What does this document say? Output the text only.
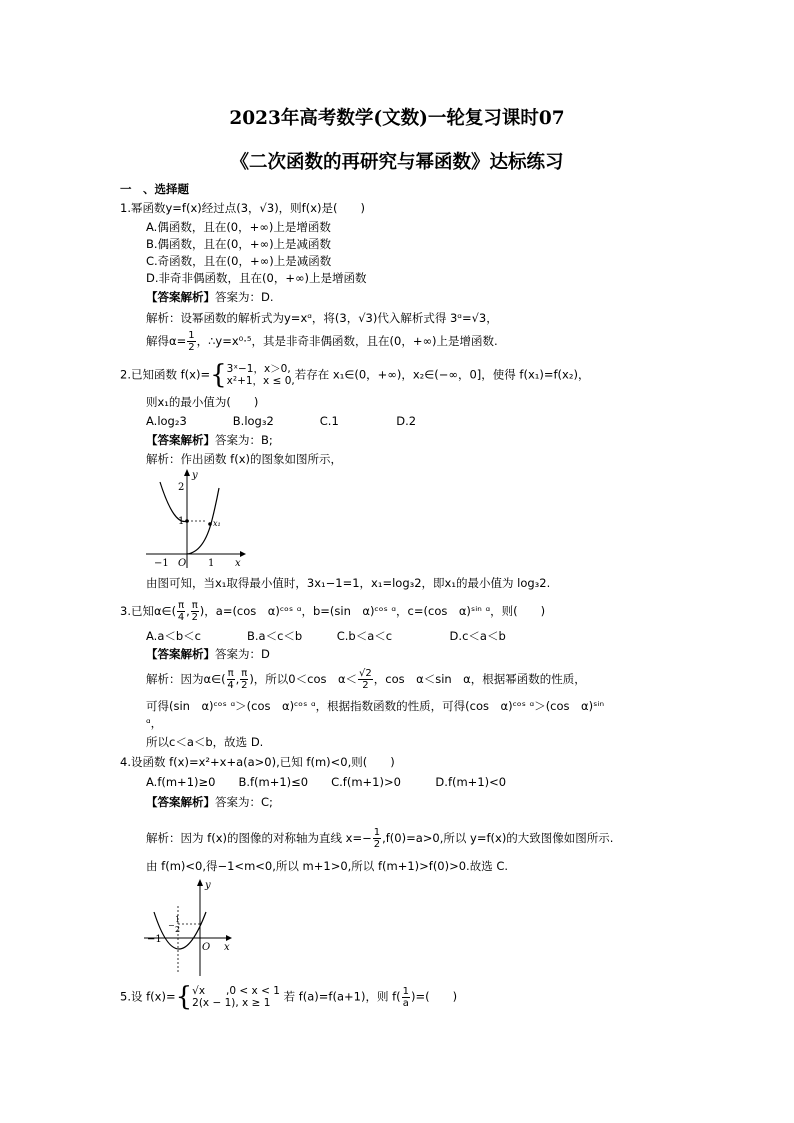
2023年高考数学(文数)一轮复习课时07
《二次函数的再研究与幂函数》达标练习
一　、选择题
1.幂函数y=f(x)经过点(3，√3)，则f(x)是(　　)
A.偶函数，且在(0，+∞)上是增函数
B.偶函数，且在(0，+∞)上是减函数
C.奇函数，且在(0，+∞)上是减函数
D.非奇非偶函数，且在(0，+∞)上是增函数
【答案解析】答案为：D.
解析：设幂函数的解析式为y=xᵅ，将(3，√3)代入解析式得 3ᵅ=√3，
解得$\alpha= \frac{1}{2}$ ，∴y=x⁰·⁵，其是非奇非偶函数，且在(0，+∞)上是增函数.
2.已知函数 f(x)={ 3ˣ−1，x＞0,
x²+1，x ≤ 0, 若存在 x₁∈(0，+∞)，x₂∈(−∞，0]，使得 f(x₁)=f(x₂)，
则x₁的最小值为(　　)
A.log₂3　　　　B.log₃2　　　　C.1　　　　　D.2
【答案解析】答案为：B;
解析：作出函数 f(x)的图象如图所示，
y
x
O
−1	1
1
2
x₁
由图可知，当x₁取得最小值时，3x₁−1=1，x₁=log₃2，即x₁的最小值为 log₃2.
3.已知α∈( $\frac{\pi}{4}$ , $\frac{\pi}{2}$ )，a=(cos　α)ᶜᵒˢ ᵅ，b=(sin　α)ᶜᵒˢ ᵅ，c=(cos　α)ˢⁱⁿ ᵅ，则(　　)
A.a＜b＜c　　　　B.a＜c＜b　　　C.b＜a＜c　　　　　D.c＜a＜b
【答案解析】答案为：D
解析：因为α∈( $\frac{\pi}{4}$ , $\frac{\pi}{2}$ )，所以0＜cos　$\alpha< \frac{√2}{2}$ ，cos　α＜sin　α，根据幂函数的性质，
可得(sin　α)ᶜᵒˢ ᵅ＞(cos　α)ᶜᵒˢ ᵅ，根据指数函数的性质，可得(cos　α)ᶜᵒˢ ᵅ＞(cos　α)ˢⁱⁿ
ᵅ，
所以c＜a＜b，故选 D.
4.设函数 f(x)=x²+x+a(a>0),已知 f(m)<0,则(　　)
A.f(m+1)≥0　　B.f(m+1)≤0　　C.f(m+1)>0　　　D.f(m+1)<0
【答案解析】答案为：C;
解析：因为 f(x)的图像的对称轴为直线 $x=- \frac{1}{2} ,f(0)=a>0$,所以 y=f(x)的大致图像如图所示.
由 f(m)<0,得−1<m<0,所以 m+1>0,所以 f(m+1)>f(0)>0.故选 C.
y
x
O
−1
−
1
2
5.设 f(x)={ √x　　,0 < x < 1
2(x − 1), x ≥ 1	若 f(a)=f(a+1)，则 $f( \frac{1}{a}$ )=(　　)
